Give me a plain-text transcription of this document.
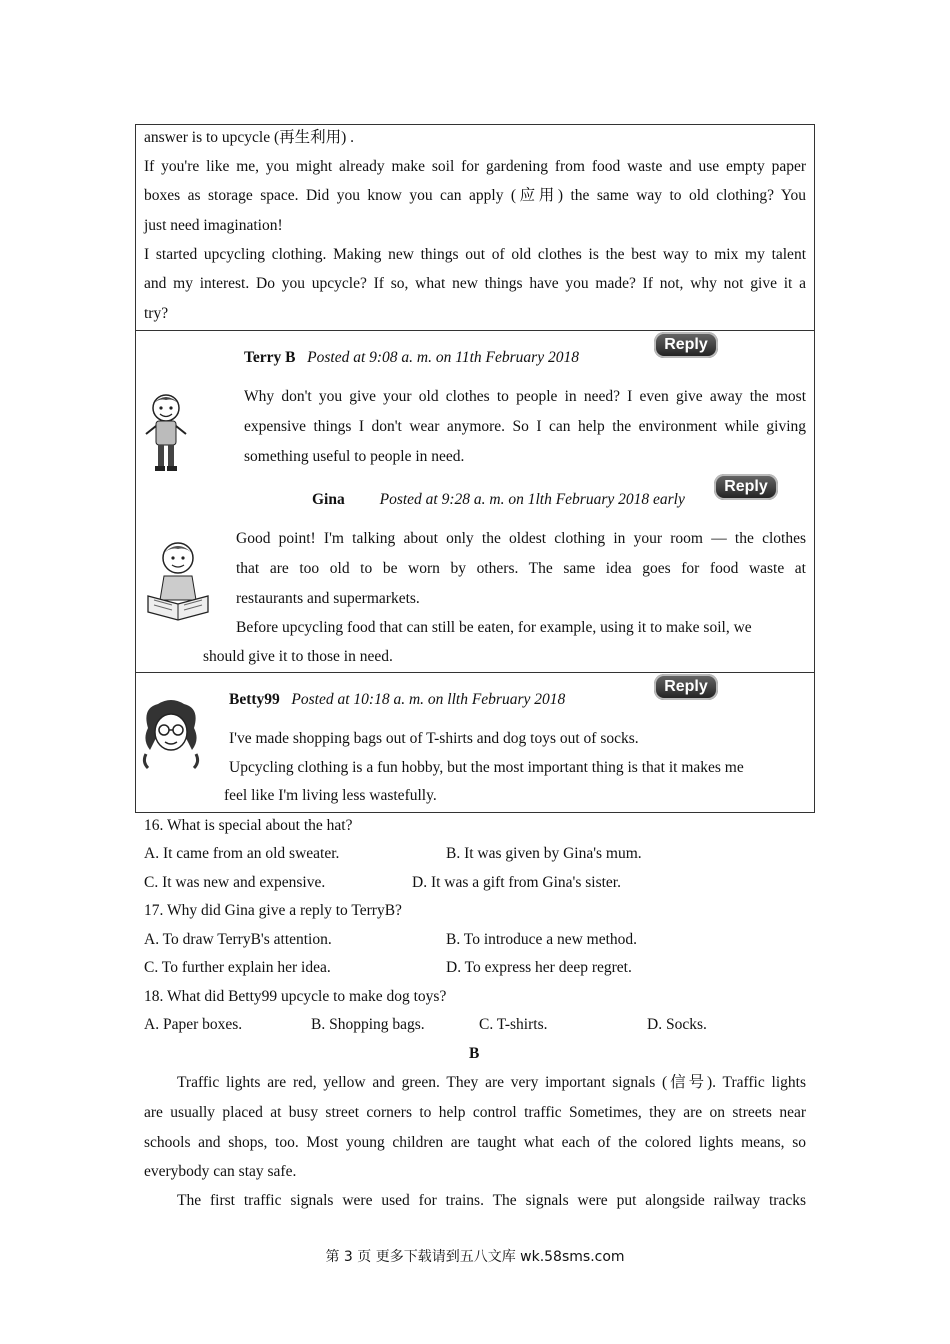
answer is to upcycle (再生利用) .
If you're like me, you might already make soil for gardening from food waste and use empty paper
boxes as storage space. Did you know you can apply (应用) the same way to old clothing? You
just need imagination!
I started upcycling clothing. Making new things out of old clothes is the best way to mix my talent
and my interest. Do you upcycle? If so, what new things have you made? If not, why not give it a
try?
Terry B Posted at 9:08 a. m. on 11th February 2018
Reply
Why don't you give your old clothes to people in need? I even give away the most
expensive things I don't wear anymore. So I can help the environment while giving
something useful to people in need.
Gina Posted at 9:28 a. m. on 1lth February 2018 early
Reply
Good point! I'm talking about only the oldest clothing in your room — the clothes
that are too old to be worn by others. The same idea goes for food waste at
restaurants and supermarkets.
Before upcycling food that can still be eaten, for example, using it to make soil, we
should give it to those in need.
Betty99 Posted at 10:18 a. m. on llth February 2018
Reply
I've made shopping bags out of T-shirts and dog toys out of socks.
Upcycling clothing is a fun hobby, but the most important thing is that it makes me
feel like I'm living less wastefully.
16. What is special about the hat?
A. It came from an old sweater.	B. It was given by Gina's mum.
C. It was new and expensive.	D. It was a gift from Gina's sister.
17. Why did Gina give a reply to TerryB?
A. To draw TerryB's attention.	B. To introduce a new method.
C. To further explain her idea.	D. To express her deep regret.
18. What did Betty99 upcycle to make dog toys?
A. Paper boxes.	B. Shopping bags.	C. T-shirts.	D. Socks.
B
Traffic lights are red, yellow and green. They are very important signals (信号). Traffic lights
are usually placed at busy street corners to help control traffic Sometimes, they are on streets near
schools and shops, too. Most young children are taught what each of the colored lights means, so
everybody can stay safe.
The first traffic signals were used for trains. The signals were put alongside railway tracks
第 3 页 更多下载请到五八文库 wk.58sms.com
